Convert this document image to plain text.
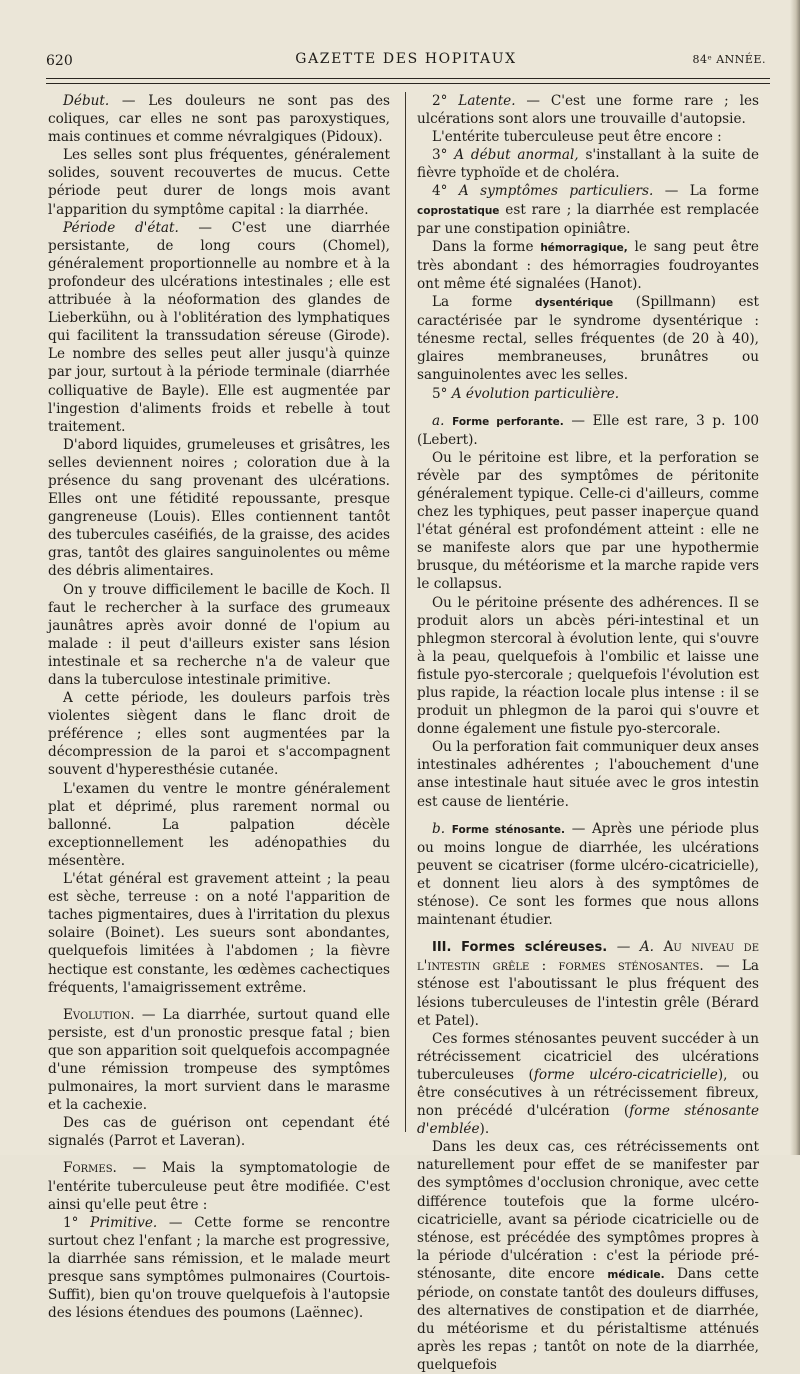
620	GAZETTE DES HOPITAUX	84ᵉ ANNÉE.

Début. — Les douleurs ne sont pas des coliques, car elles ne sont pas paroxystiques, mais continues et comme névralgiques (Pidoux).

Les selles sont plus fréquentes, généralement solides, souvent recouvertes de mucus. Cette période peut durer de longs mois avant l'apparition du symptôme capital : la diarrhée.

Période d'état. — C'est une diarrhée persistante, de long cours (Chomel), généralement proportionnelle au nombre et à la profondeur des ulcérations intestinales ; elle est attribuée à la néoformation des glandes de Lieberkühn, ou à l'oblitération des lymphatiques qui facilitent la transsudation séreuse (Girode). Le nombre des selles peut aller jusqu'à quinze par jour, surtout à la période terminale (diarrhée colliquative de Bayle). Elle est augmentée par l'ingestion d'aliments froids et rebelle à tout traitement.

D'abord liquides, grumeleuses et grisâtres, les selles deviennent noires ; coloration due à la présence du sang provenant des ulcérations. Elles ont une fétidité repoussante, presque gangreneuse (Louis). Elles contiennent tantôt des tubercules caséifiés, de la graisse, des acides gras, tantôt des glaires sanguinolentes ou même des débris alimentaires.

On y trouve difficilement le bacille de Koch. Il faut le rechercher à la surface des grumeaux jaunâtres après avoir donné de l'opium au malade : il peut d'ailleurs exister sans lésion intestinale et sa recherche n'a de valeur que dans la tuberculose intestinale primitive.

A cette période, les douleurs parfois très violentes siègent dans le flanc droit de préférence ; elles sont augmentées par la décompression de la paroi et s'accompagnent souvent d'hyperesthésie cutanée.

L'examen du ventre le montre généralement plat et déprimé, plus rarement normal ou ballonné. La palpation décèle exceptionnellement les adénopathies du mésentère.

L'état général est gravement atteint ; la peau est sèche, terreuse : on a noté l'apparition de taches pigmentaires, dues à l'irritation du plexus solaire (Boinet). Les sueurs sont abondantes, quelquefois limitées à l'abdomen ; la fièvre hectique est constante, les œdèmes cachectiques fréquents, l'amaigrissement extrême.

Evolution. — La diarrhée, surtout quand elle persiste, est d'un pronostic presque fatal ; bien que son apparition soit quelquefois accompagnée d'une rémission trompeuse des symptômes pulmonaires, la mort survient dans le marasme et la cachexie.

Des cas de guérison ont cependant été signalés (Parrot et Laveran).

Formes. — Mais la symptomatologie de l'entérite tuberculeuse peut être modifiée. C'est ainsi qu'elle peut être :

1° Primitive. — Cette forme se rencontre surtout chez l'enfant ; la marche est progressive, la diarrhée sans rémission, et le malade meurt presque sans symptômes pulmonaires (Courtois-Suffit), bien qu'on trouve quelquefois à l'autopsie des lésions étendues des poumons (Laënnec).

2° Latente. — C'est une forme rare ; les ulcérations sont alors une trouvaille d'autopsie.

L'entérite tuberculeuse peut être encore :

3° A début anormal, s'installant à la suite de fièvre typhoïde et de choléra.

4° A symptômes particuliers. — La forme coprostatique est rare ; la diarrhée est remplacée par une constipation opiniâtre.

Dans la forme hémorragique, le sang peut être très abondant : des hémorragies foudroyantes ont même été signalées (Hanot).

La forme dysentérique (Spillmann) est caractérisée par le syndrome dysentérique : ténesme rectal, selles fréquentes (de 20 à 40), glaires membraneuses, brunâtres ou sanguinolentes avec les selles.

5° A évolution particulière.

a. Forme perforante. — Elle est rare, 3 p. 100 (Lebert).

Ou le péritoine est libre, et la perforation se révèle par des symptômes de péritonite généralement typique. Celle-ci d'ailleurs, comme chez les typhiques, peut passer inaperçue quand l'état général est profondément atteint : elle ne se manifeste alors que par une hypothermie brusque, du météorisme et la marche rapide vers le collapsus.

Ou le péritoine présente des adhérences. Il se produit alors un abcès péri-intestinal et un phlegmon stercoral à évolution lente, qui s'ouvre à la peau, quelquefois à l'ombilic et laisse une fistule pyo-stercorale ; quelquefois l'évolution est plus rapide, la réaction locale plus intense : il se produit un phlegmon de la paroi qui s'ouvre et donne également une fistule pyo-stercorale.

Ou la perforation fait communiquer deux anses intestinales adhérentes ; l'abouchement d'une anse intestinale haut située avec le gros intestin est cause de lientérie.

b. Forme sténosante. — Après une période plus ou moins longue de diarrhée, les ulcérations peuvent se cicatriser (forme ulcéro-cicatricielle), et donnent lieu alors à des symptômes de sténose). Ce sont les formes que nous allons maintenant étudier.

III. Formes scléreuses. — A. Au niveau de l'intestin grêle : formes sténosantes. — La sténose est l'aboutissant le plus fréquent des lésions tuberculeuses de l'intestin grêle (Bérard et Patel).

Ces formes sténosantes peuvent succéder à un rétrécissement cicatriciel des ulcérations tuberculeuses (forme ulcéro-cicatricielle), ou être consécutives à un rétrécissement fibreux, non précédé d'ulcération (forme sténosante d'emblée).

Dans les deux cas, ces rétrécissements ont naturellement pour effet de se manifester par des symptômes d'occlusion chronique, avec cette différence toutefois que la forme ulcéro-cicatricielle, avant sa période cicatricielle ou de sténose, est précédée des symptômes propres à la période d'ulcération : c'est la période pré-sténosante, dite encore médicale. Dans cette période, on constate tantôt des douleurs diffuses, des alternatives de constipation et de diarrhée, du météorisme et du péristaltisme atténués après les repas ; tantôt on note de la diarrhée, quelquefois
